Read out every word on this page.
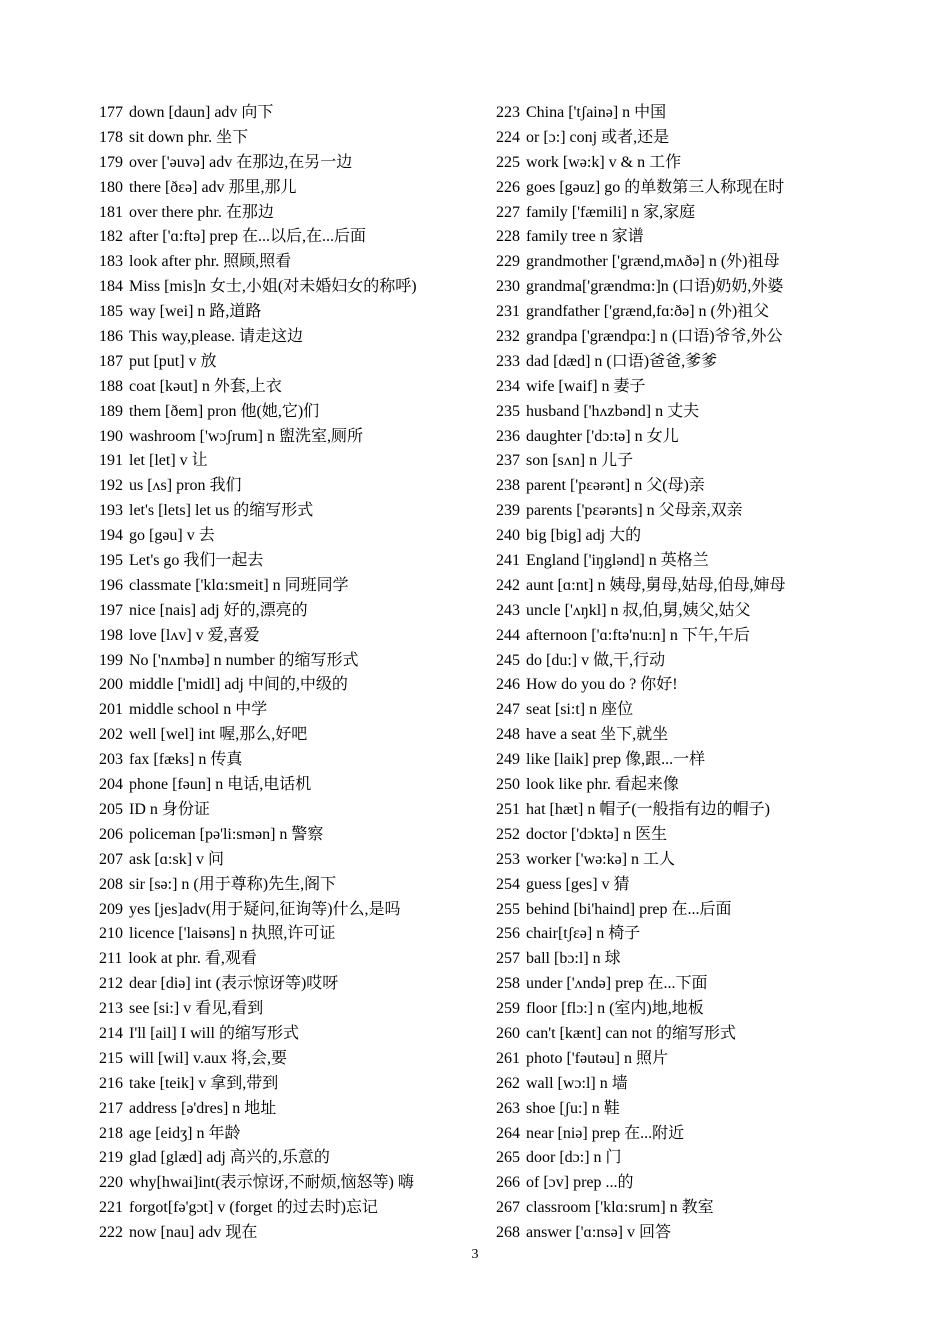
177 down [daun] adv 向下
178 sit down phr. 坐下
179 over ['əuvə] adv 在那边,在另一边
180 there [ðεə] adv 那里,那儿
181 over there phr. 在那边
182 after ['ɑ:ftə] prep 在...以后,在...后面
183 look after phr. 照顾,照看
184 Miss [mis]n 女士,小姐(对未婚妇女的称呼)
185 way [wei] n 路,道路
186 This way,please. 请走这边
187 put [put] v 放
188 coat [kəut] n 外套,上衣
189 them [ðem] pron 他(她,它)们
190 washroom ['wɔʃrum] n 盥洗室,厕所
191 let [let] v 让
192 us [ʌs] pron 我们
193 let's [lets] let us 的缩写形式
194 go [gəu] v 去
195 Let's go 我们一起去
196 classmate ['klɑ:smeit] n 同班同学
197 nice [nais] adj 好的,漂亮的
198 love [lʌv] v 爱,喜爱
199 No ['nʌmbə] n number 的缩写形式
200 middle ['midl] adj 中间的,中级的
201 middle school n 中学
202 well [wel] int 喔,那么,好吧
203 fax [fæks] n 传真
204 phone [fəun] n 电话,电话机
205 ID n 身份证
206 policeman [pə'li:smən] n 警察
207 ask [ɑ:sk] v 问
208 sir [sə:] n (用于尊称)先生,阁下
209 yes [jes]adv(用于疑问,征询等)什么,是吗
210 licence ['laisəns] n 执照,许可证
211 look at phr. 看,观看
212 dear [diə] int (表示惊讶等)哎呀
213 see [si:] v 看见,看到
214 I'll [ail] I will 的缩写形式
215 will [wil] v.aux 将,会,要
216 take [teik] v 拿到,带到
217 address [ə'dres] n 地址
218 age [eidʒ] n 年龄
219 glad [glæd] adj 高兴的,乐意的
220 why[hwai]int(表示惊讶,不耐烦,恼怒等) 嗨
221 forgot[fə'gɔt] v (forget 的过去时)忘记
222 now [nau] adv 现在
223 China ['tʃainə] n 中国
224 or [ɔ:] conj 或者,还是
225 work [wə:k] v & n 工作
226 goes [gəuz] go 的单数第三人称现在时
227 family ['fæmili] n 家,家庭
228 family tree n 家谱
229 grandmother ['grænd,mʌðə] n (外)祖母
230 grandma['grændmɑ:]n (口语)奶奶,外婆
231 grandfather ['grænd,fɑ:ðə] n (外)祖父
232 grandpa ['grændpɑ:] n (口语)爷爷,外公
233 dad [dæd] n (口语)爸爸,爹爹
234 wife [waif] n 妻子
235 husband ['hʌzbənd] n 丈夫
236 daughter ['dɔ:tə] n 女儿
237 son [sʌn] n 儿子
238 parent ['pεərənt] n 父(母)亲
239 parents ['pεərənts] n 父母亲,双亲
240 big [big] adj 大的
241 England ['iŋglənd] n 英格兰
242 aunt [ɑ:nt] n 姨母,舅母,姑母,伯母,婶母
243 uncle ['ʌŋkl] n 叔,伯,舅,姨父,姑父
244 afternoon ['ɑ:ftə'nu:n] n 下午,午后
245 do [du:] v 做,干,行动
246 How do you do ? 你好!
247 seat [si:t] n 座位
248 have a seat 坐下,就坐
249 like [laik] prep 像,跟...一样
250 look like phr. 看起来像
251 hat [hæt] n 帽子(一般指有边的帽子)
252 doctor ['dɔktə] n 医生
253 worker ['wə:kə] n 工人
254 guess [ges] v 猜
255 behind [bi'haind] prep 在...后面
256 chair[tʃεə] n 椅子
257 ball [bɔ:l] n 球
258 under ['ʌndə] prep 在...下面
259 floor [flɔ:] n (室内)地,地板
260 can't [kænt] can not 的缩写形式
261 photo ['fəutəu] n 照片
262 wall [wɔ:l] n 墙
263 shoe [ʃu:] n 鞋
264 near [niə] prep 在...附近
265 door [dɔ:] n 门
266 of [ɔv] prep ...的
267 classroom ['klɑ:srum] n 教室
268 answer ['ɑ:nsə] v 回答
3
